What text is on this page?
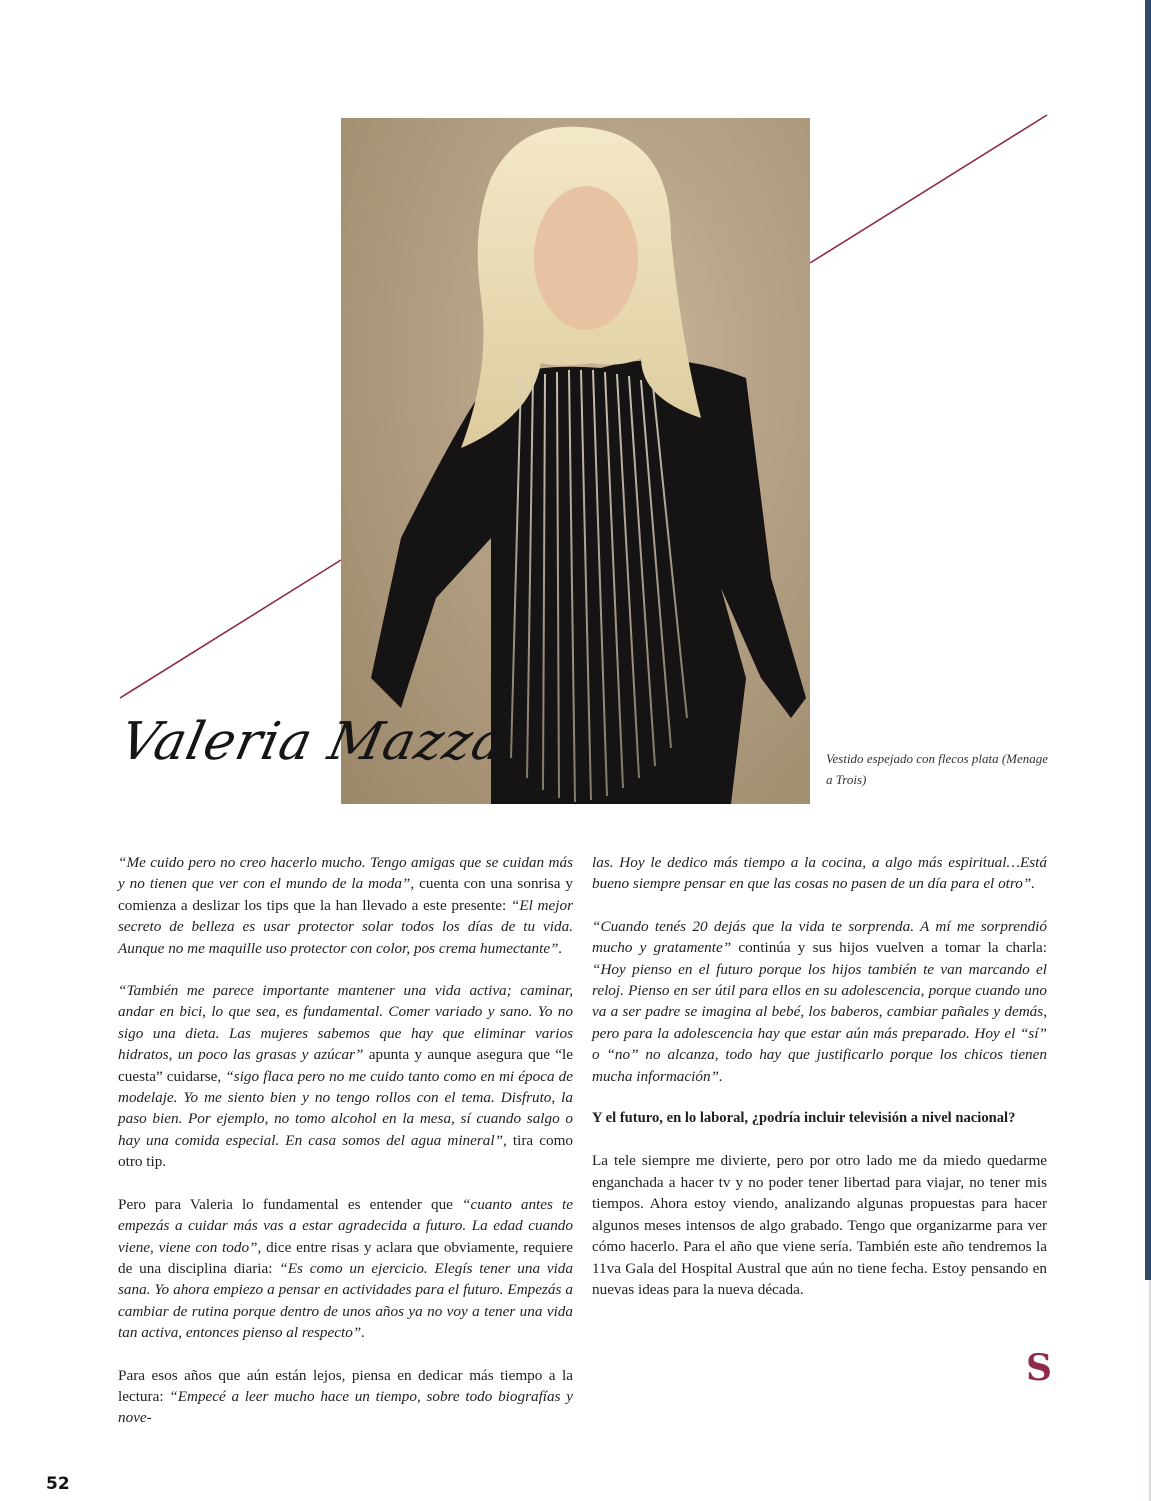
Valeria Mazza	Vestido espejado con flecos plata (Menage a Trois)

“Me cuido pero no creo hacerlo mucho. Tengo amigas que se cuidan más y no tienen que ver con el mundo de la moda”, cuenta con una sonrisa y comienza a deslizar los tips que la han llevado a este presente: “El mejor secreto de belleza es usar protector solar todos los días de tu vida. Aunque no me maquille uso protector con color, pos crema humectante”.

“También me parece importante mantener una vida activa; caminar, andar en bici, lo que sea, es fundamental. Comer variado y sano. Yo no sigo una dieta. Las mujeres sabemos que hay que eliminar varios hidratos, un poco las grasas y azúcar” apunta y aunque asegura que “le cuesta” cuidarse, “sigo flaca pero no me cuido tanto como en mi época de modelaje. Yo me siento bien y no tengo rollos con el tema. Disfruto, la paso bien. Por ejemplo, no tomo alcohol en la mesa, sí cuando salgo o hay una comida especial. En casa somos del agua mineral”, tira como otro tip.

Pero para Valeria lo fundamental es entender que “cuanto antes te empezás a cuidar más vas a estar agradecida a futuro. La edad cuando viene, viene con todo”, dice entre risas y aclara que obviamente, requiere de una disciplina diaria: “Es como un ejercicio. Elegís tener una vida sana. Yo ahora empiezo a pensar en actividades para el futuro. Empezás a cambiar de rutina porque dentro de unos años ya no voy a tener una vida tan activa, entonces pienso al respecto”.

Para esos años que aún están lejos, piensa en dedicar más tiempo a la lectura: “Empecé a leer mucho hace un tiempo, sobre todo biografías y nove-

las. Hoy le dedico más tiempo a la cocina, a algo más espiritual…Está bueno siempre pensar en que las cosas no pasen de un día para el otro”.

“Cuando tenés 20 dejás que la vida te sorprenda. A mí me sorprendió mucho y gratamente” continúa y sus hijos vuelven a tomar la charla: “Hoy pienso en el futuro porque los hijos también te van marcando el reloj. Pienso en ser útil para ellos en su adolescencia, porque cuando uno va a ser padre se imagina al bebé, los baberos, cambiar pañales y demás, pero para la adolescencia hay que estar aún más preparado. Hoy el “sí” o “no” no alcanza, todo hay que justificarlo porque los chicos tienen mucha información”.

Y el futuro, en lo laboral, ¿podría incluir televisión a nivel nacional?

La tele siempre me divierte, pero por otro lado me da miedo quedarme enganchada a hacer tv y no poder tener libertad para viajar, no tener mis tiempos. Ahora estoy viendo, analizando algunas propuestas para hacer algunos meses intensos de algo grabado. Tengo que organizarme para ver cómo hacerlo. Para el año que viene sería. También este año tendremos la 11va Gala del Hospital Austral que aún no tiene fecha. Estoy pensando en nuevas ideas para la nueva década.

S
52
